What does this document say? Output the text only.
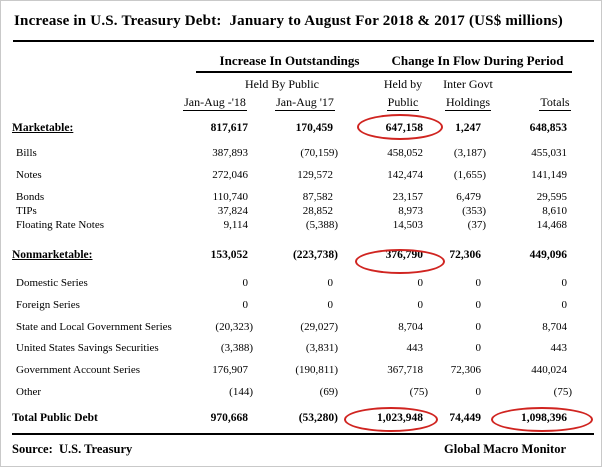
Increase in U.S. Treasury Debt:  January to August For 2018 & 2017 (US$ millions)
Increase In Outstandings	Change In Flow During Period
Held By Public	Held by	Inter Govt
Jan-Aug -'18	Jan-Aug '17	Public	Holdings	Totals
Marketable:	817,617	170,459	647,158	1,247	648,853
Bills	387,893	(70,159)	458,052	(3,187)	455,031
Notes	272,046	129,572	142,474	(1,655)	141,149
Bonds	110,740	87,582	23,157	6,479	29,595
TIPs	37,824	28,852	8,973	(353)	8,610
Floating Rate Notes	9,114	(5,388)	14,503	(37)	14,468
Nonmarketable:	153,052	(223,738)	376,790	72,306	449,096
Domestic Series	0	0	0	0	0
Foreign Series	0	0	0	0	0
State and Local Government Series	(20,323)	(29,027)	8,704	0	8,704
United States Savings Securities	(3,388)	(3,831)	443	0	443
Government Account Series	176,907	(190,811)	367,718	72,306	440,024
Other	(144)	(69)	(75)	0	(75)
Total Public Debt	970,668	(53,280)	1,023,948	74,449	1,098,396
Source:  U.S. Treasury	Global Macro Monitor
